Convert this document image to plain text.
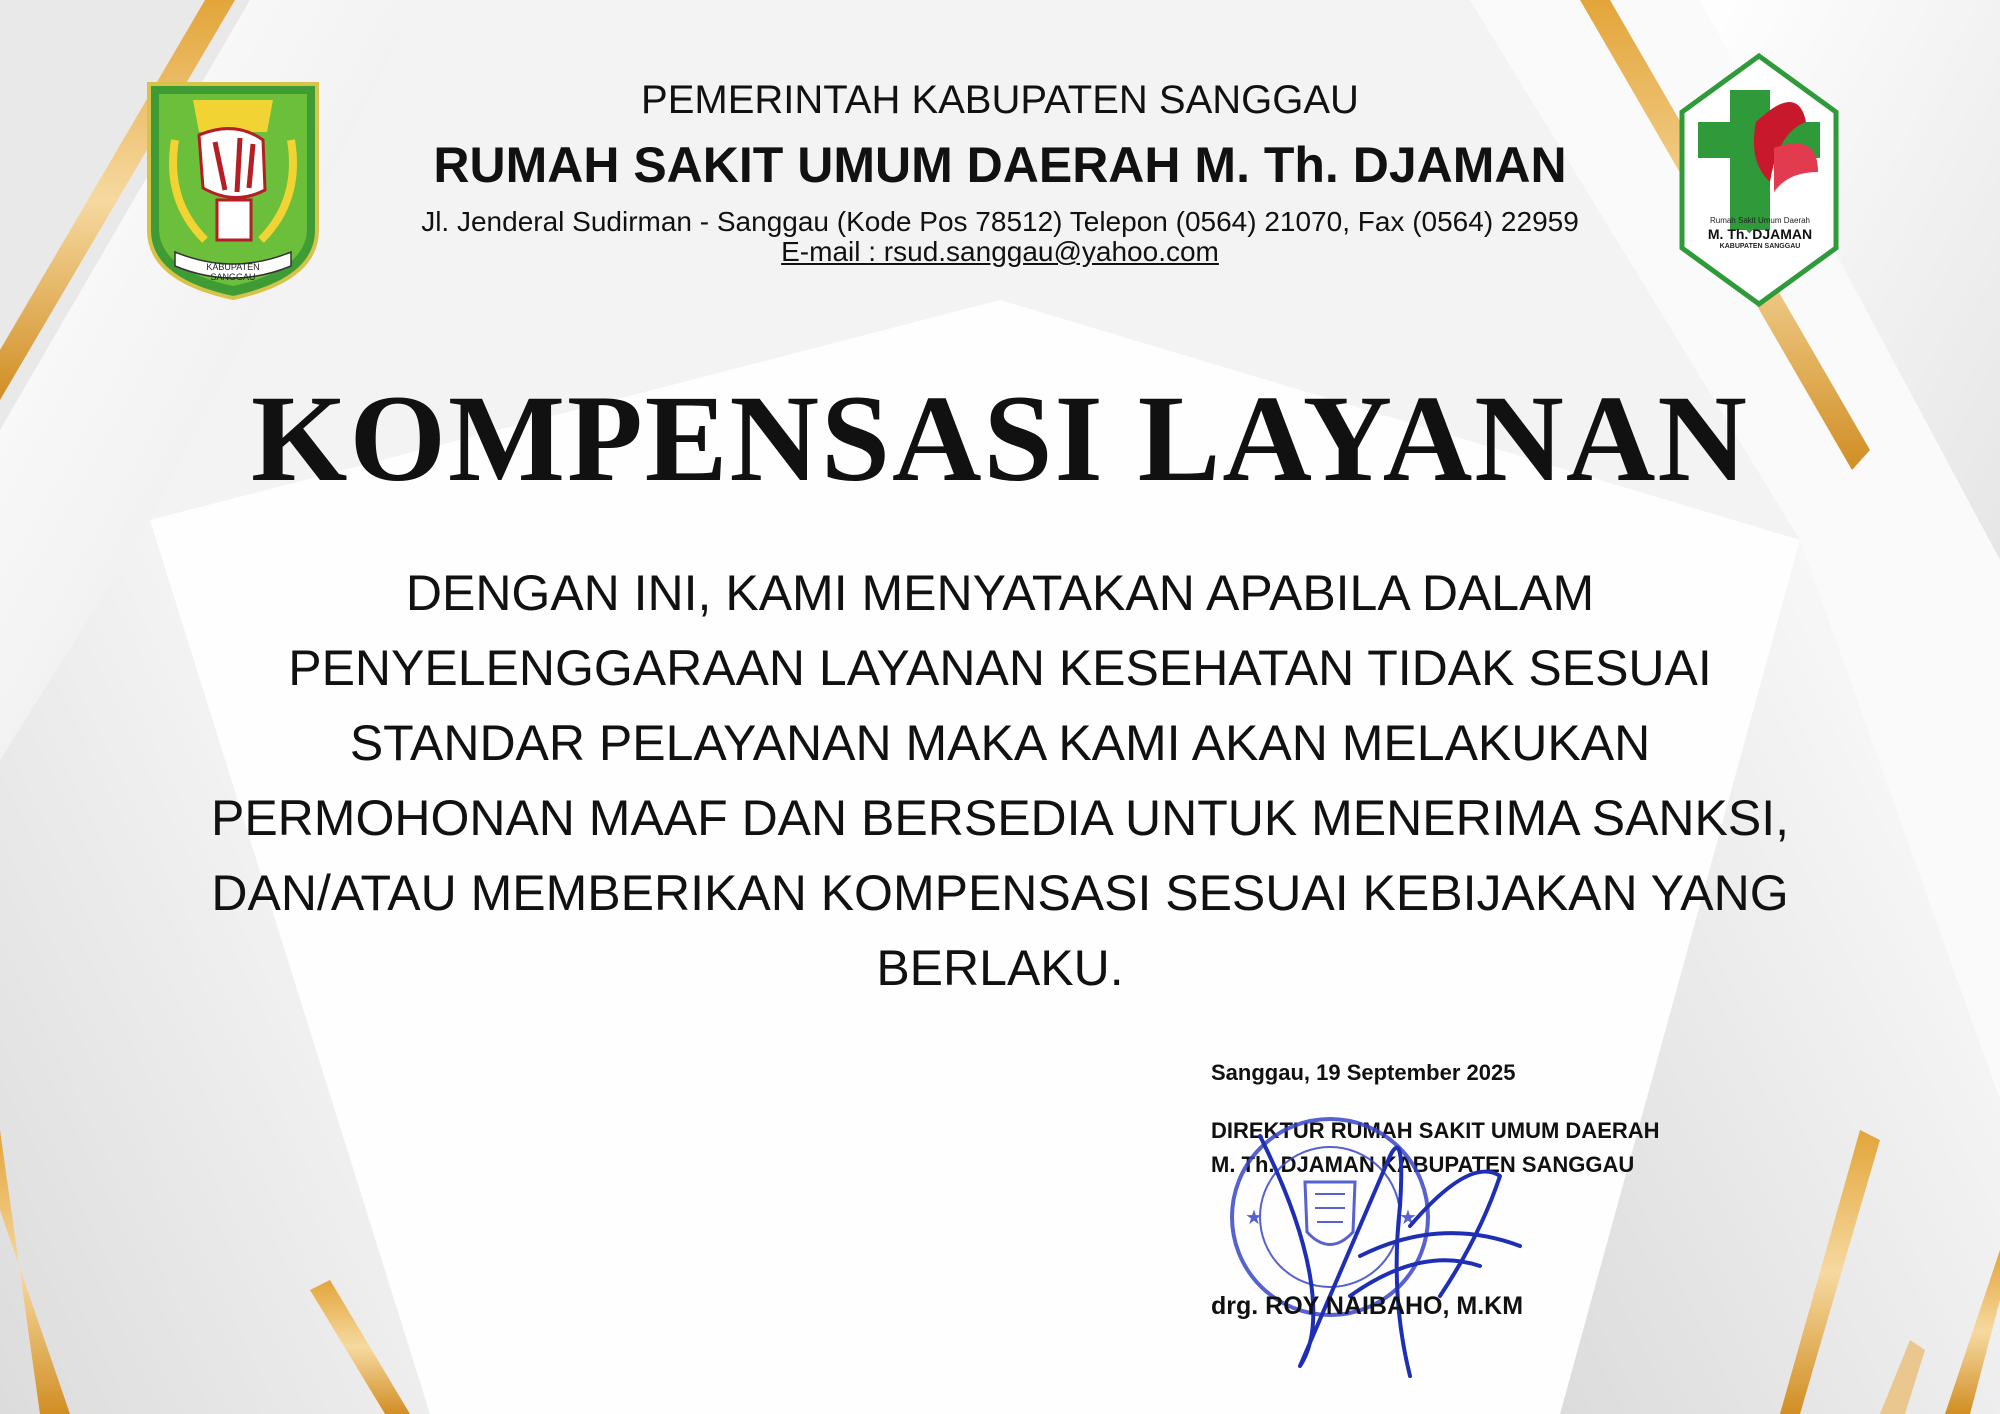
KABUPATEN SANGGAU
Rumah Sakit Umum Daerah
M. Th. DJAMAN
KABUPATEN SANGGAU
PEMERINTAH KABUPATEN SANGGAU
RUMAH SAKIT UMUM DAERAH M. Th. DJAMAN
Jl. Jenderal Sudirman - Sanggau (Kode Pos 78512) Telepon (0564) 21070, Fax (0564) 22959
E-mail : rsud.sanggau@yahoo.com
KOMPENSASI LAYANAN
DENGAN INI, KAMI MENYATAKAN APABILA DALAM
PENYELENGGARAAN LAYANAN KESEHATAN TIDAK SESUAI
STANDAR PELAYANAN MAKA KAMI AKAN MELAKUKAN
PERMOHONAN MAAF DAN BERSEDIA UNTUK MENERIMA SANKSI,
DAN/ATAU MEMBERIKAN KOMPENSASI SESUAI KEBIJAKAN YANG
BERLAKU.
Sanggau, 19 September 2025
DIREKTUR RUMAH SAKIT UMUM DAERAH
M. Th. DJAMAN KABUPATEN SANGGAU
★	★
drg. ROY NAIBAHO, M.KM
